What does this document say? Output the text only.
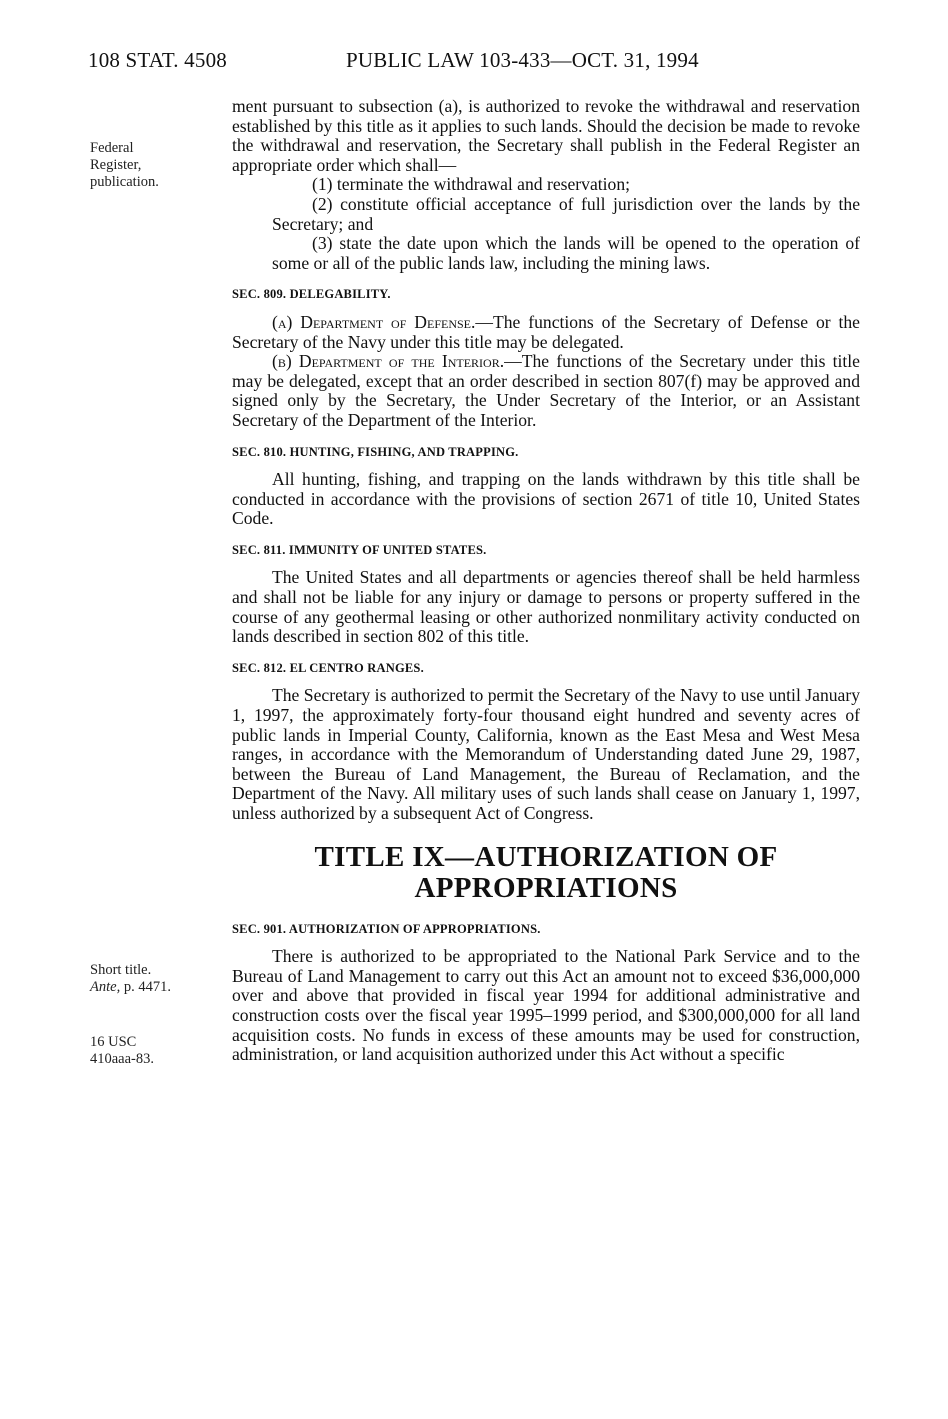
108 STAT. 4508	PUBLIC LAW 103-433—OCT. 31, 1994
Federal
Register,
publication.
Short title.
Ante, p. 4471.
16 USC
410aaa-83.

ment pursuant to subsection (a), is authorized to revoke the withdrawal and reservation established by this title as it applies to such lands. Should the decision be made to revoke the withdrawal and reservation, the Secretary shall publish in the Federal Register an appropriate order which shall—

(1) terminate the withdrawal and reservation;

(2) constitute official acceptance of full jurisdiction over the lands by the Secretary; and

(3) state the date upon which the lands will be opened to the operation of some or all of the public lands law, including the mining laws.

SEC. 809. DELEGABILITY.

(a) Department of Defense.—The functions of the Secretary of Defense or the Secretary of the Navy under this title may be delegated.

(b) Department of the Interior.—The functions of the Secretary under this title may be delegated, except that an order described in section 807(f) may be approved and signed only by the Secretary, the Under Secretary of the Interior, or an Assistant Secretary of the Department of the Interior.

SEC. 810. HUNTING, FISHING, AND TRAPPING.

All hunting, fishing, and trapping on the lands withdrawn by this title shall be conducted in accordance with the provisions of section 2671 of title 10, United States Code.

SEC. 811. IMMUNITY OF UNITED STATES.

The United States and all departments or agencies thereof shall be held harmless and shall not be liable for any injury or damage to persons or property suffered in the course of any geothermal leasing or other authorized nonmilitary activity conducted on lands described in section 802 of this title.

SEC. 812. EL CENTRO RANGES.

The Secretary is authorized to permit the Secretary of the Navy to use until January 1, 1997, the approximately forty-four thousand eight hundred and seventy acres of public lands in Imperial County, California, known as the East Mesa and West Mesa ranges, in accordance with the Memorandum of Understanding dated June 29, 1987, between the Bureau of Land Management, the Bureau of Reclamation, and the Department of the Navy. All military uses of such lands shall cease on January 1, 1997, unless authorized by a subsequent Act of Congress.

TITLE IX—AUTHORIZATION OF
APPROPRIATIONS

SEC. 901. AUTHORIZATION OF APPROPRIATIONS.

There is authorized to be appropriated to the National Park Service and to the Bureau of Land Management to carry out this Act an amount not to exceed $36,000,000 over and above that provided in fiscal year 1994 for additional administrative and construction costs over the fiscal year 1995–1999 period, and $300,000,000 for all land acquisition costs. No funds in excess of these amounts may be used for construction, administration, or land acquisition authorized under this Act without a specific
